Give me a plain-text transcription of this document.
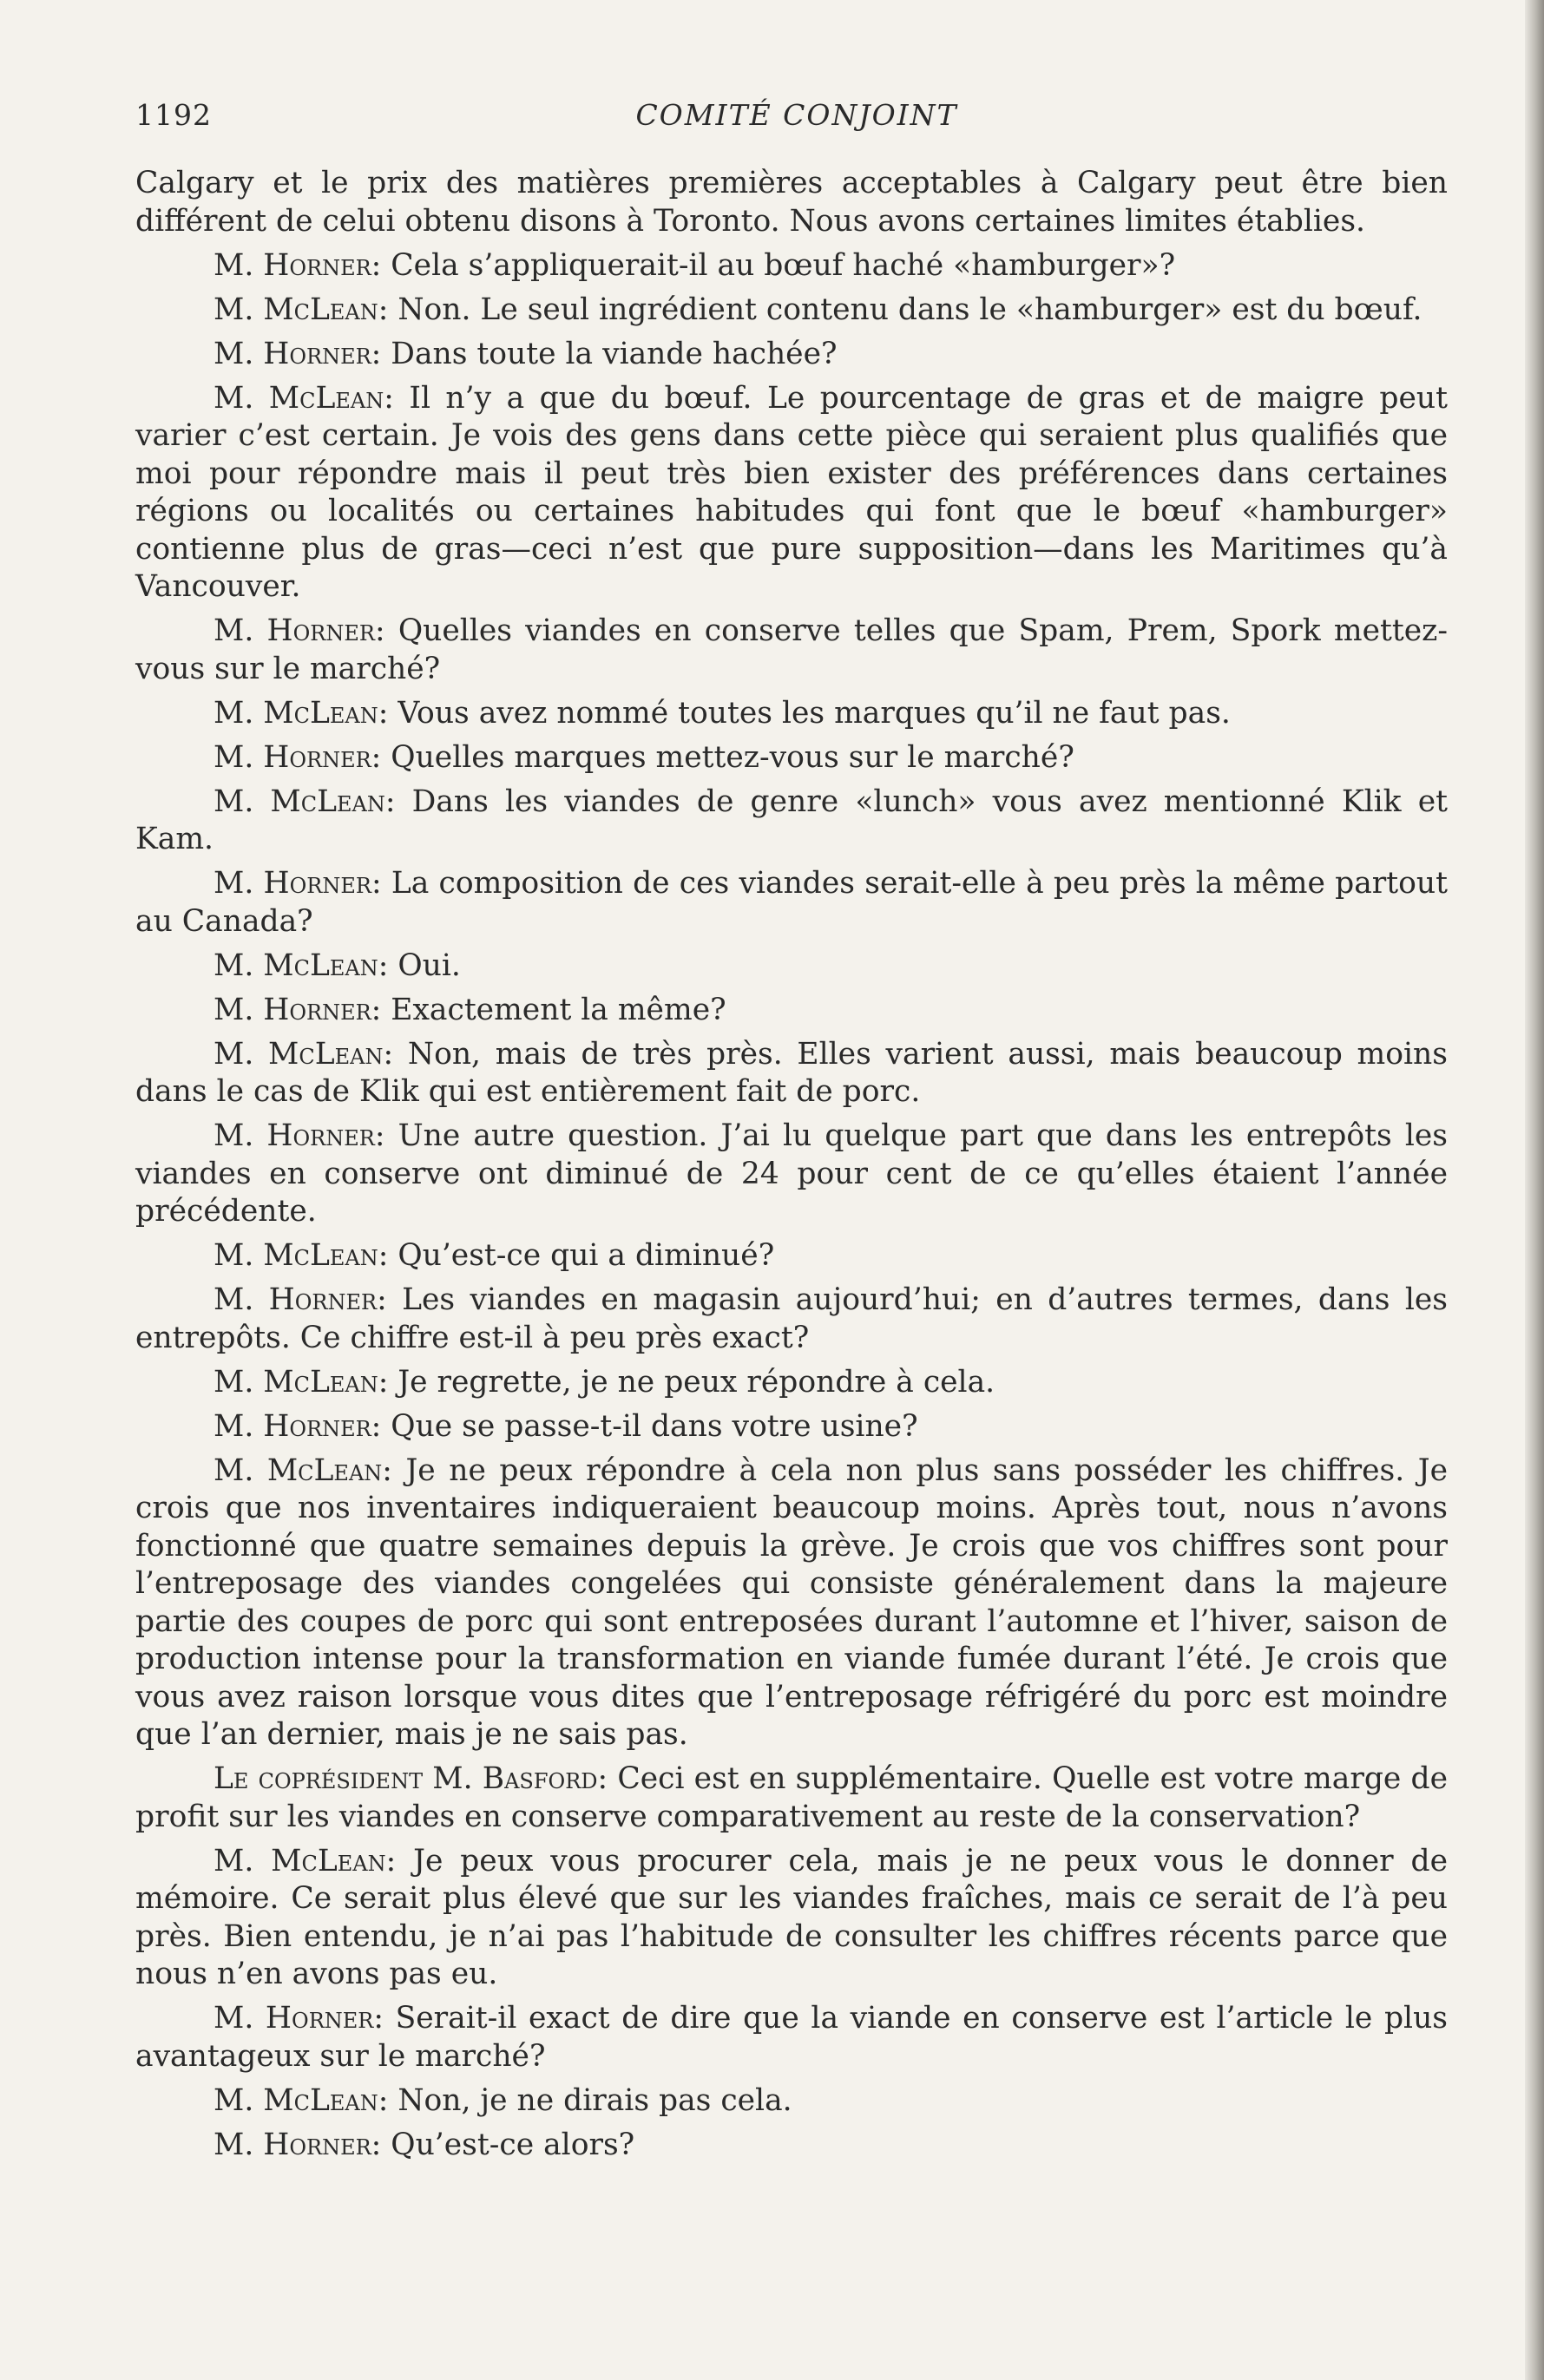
1192	COMITÉ CONJOINT

Calgary et le prix des matières premières acceptables à Calgary peut être bien différent de celui obtenu disons à Toronto. Nous avons certaines limites établies.

M. Horner: Cela s’appliquerait-il au bœuf haché «hamburger»?

M. McLean: Non. Le seul ingrédient contenu dans le «hamburger» est du bœuf.

M. Horner: Dans toute la viande hachée?

M. McLean: Il n’y a que du bœuf. Le pourcentage de gras et de maigre peut varier c’est certain. Je vois des gens dans cette pièce qui seraient plus qualifiés que moi pour répondre mais il peut très bien exister des préférences dans certaines régions ou localités ou certaines habitudes qui font que le bœuf «hamburger» contienne plus de gras—ceci n’est que pure supposition—dans les Maritimes qu’à Vancouver.

M. Horner: Quelles viandes en conserve telles que Spam, Prem, Spork mettez-vous sur le marché?

M. McLean: Vous avez nommé toutes les marques qu’il ne faut pas.

M. Horner: Quelles marques mettez-vous sur le marché?

M. McLean: Dans les viandes de genre «lunch» vous avez mentionné Klik et Kam.

M. Horner: La composition de ces viandes serait-elle à peu près la même partout au Canada?

M. McLean: Oui.

M. Horner: Exactement la même?

M. McLean: Non, mais de très près. Elles varient aussi, mais beaucoup moins dans le cas de Klik qui est entièrement fait de porc.

M. Horner: Une autre question. J’ai lu quelque part que dans les entrepôts les viandes en conserve ont diminué de 24 pour cent de ce qu’elles étaient l’année précédente.

M. McLean: Qu’est-ce qui a diminué?

M. Horner: Les viandes en magasin aujourd’hui; en d’autres termes, dans les entrepôts. Ce chiffre est-il à peu près exact?

M. McLean: Je regrette, je ne peux répondre à cela.

M. Horner: Que se passe-t-il dans votre usine?

M. McLean: Je ne peux répondre à cela non plus sans posséder les chiffres. Je crois que nos inventaires indiqueraient beaucoup moins. Après tout, nous n’avons fonctionné que quatre semaines depuis la grève. Je crois que vos chiffres sont pour l’entreposage des viandes congelées qui consiste généralement dans la majeure partie des coupes de porc qui sont entreposées durant l’automne et l’hiver, saison de production intense pour la transformation en viande fumée durant l’été. Je crois que vous avez raison lorsque vous dites que l’entreposage réfrigéré du porc est moindre que l’an dernier, mais je ne sais pas.

Le coprésident M. Basford: Ceci est en supplémentaire. Quelle est votre marge de profit sur les viandes en conserve comparativement au reste de la conservation?

M. McLean: Je peux vous procurer cela, mais je ne peux vous le donner de mémoire. Ce serait plus élevé que sur les viandes fraîches, mais ce serait de l’à peu près. Bien entendu, je n’ai pas l’habitude de consulter les chiffres récents parce que nous n’en avons pas eu.

M. Horner: Serait-il exact de dire que la viande en conserve est l’article le plus avantageux sur le marché?

M. McLean: Non, je ne dirais pas cela.

M. Horner: Qu’est-ce alors?
